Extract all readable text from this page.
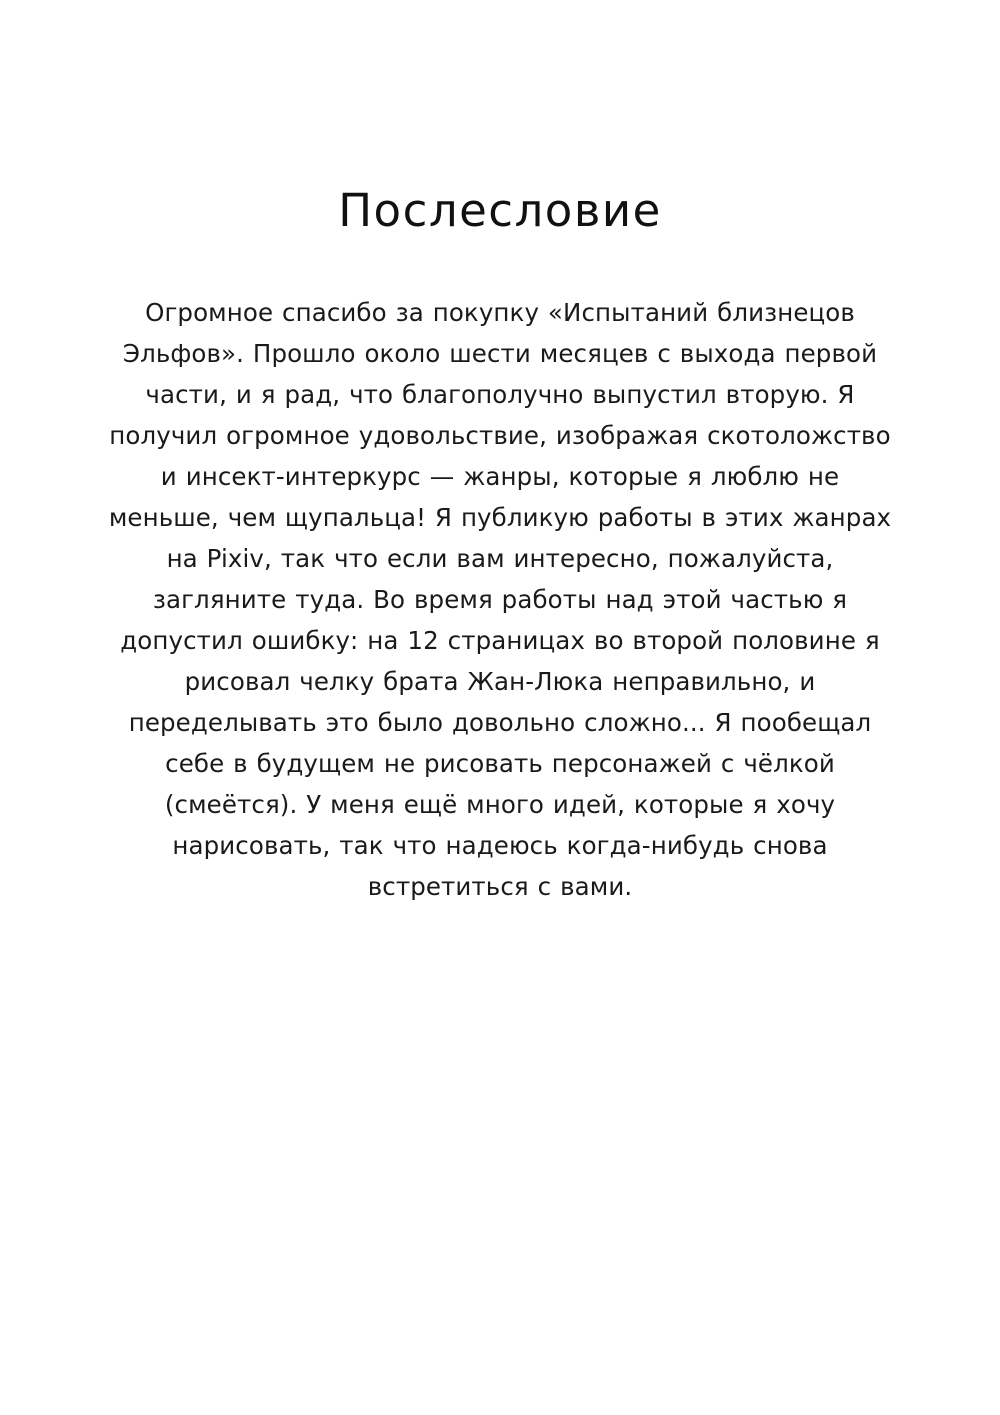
Послесловие

Огромное спасибо за покупку «Испытаний близнецов Эльфов». Прошло около шести месяцев с выхода первой части, и я рад, что благополучно выпустил вторую. Я получил огромное удовольствие, изображая скотоложство и инсект-интеркурс — жанры, которые я люблю не меньше, чем щупальца! Я публикую работы в этих жанрах на Pixiv, так что если вам интересно, пожалуйста, загляните туда. Во время работы над этой частью я допустил ошибку: на 12 страницах во второй половине я рисовал челку брата Жан-Люка неправильно, и переделывать это было довольно сложно... Я пообещал себе в будущем не рисовать персонажей с чёлкой (смеётся). У меня ещё много идей, которые я хочу нарисовать, так что надеюсь когда-нибудь снова встретиться с вами.
